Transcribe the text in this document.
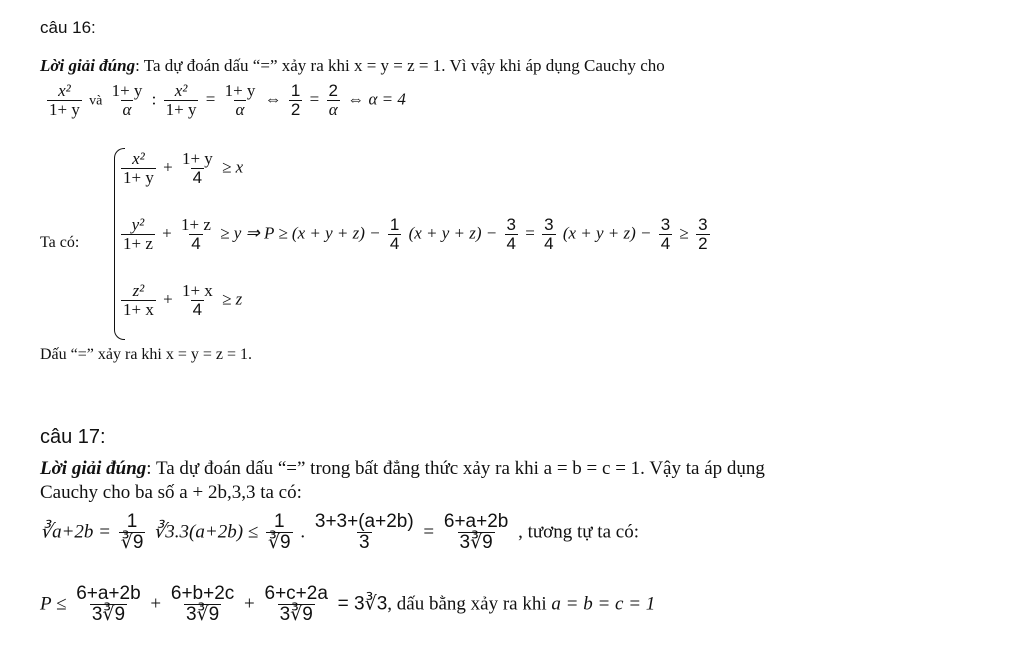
câu 16:
Lời giải đúng: Ta dự đoán dấu “=” xảy ra khi x = y = z = 1. Vì vậy khi áp dụng Cauchy cho
$\frac{\text{x²}}{1+ y}$ và $\frac{1+ y}{\alpha}$ : $\frac{\text{x²}}{1+ y} = \frac{1+ y}{\alpha}$ ⇔ $\frac{1}{2} = \frac{2}{\alpha}$ ⇔ α = 4
Ta có:
$\frac{\text{x²}}{1+ y} + \frac{1+ y}{4} \ge x$
$\frac{\text{y²}}{1+ z} + \frac{1+ z}{4} \ge y$ ⇒ $P \ge (x + y + z) - \frac{1}{4} (x + y + z) - \frac{3}{4} = \frac{3}{4} (x + y + z) - \frac{3}{4} \ge \frac{3}{2}$
$\frac{\text{z²}}{1+ x} + \frac{1+ x}{4} \ge z$
Dấu “=” xảy ra khi x = y = z = 1.
câu 17:
Lời giải đúng: Ta dự đoán dấu “=” trong bất đẳng thức xảy ra khi a = b = c = 1. Vậy ta áp dụng
Cauchy cho ba số a + 2b,3,3 ta có:
∛a+2b = $\frac{1}{∛9}$ ∛3.3(a+2b) ≤ $\frac{1}{∛9}$ . $\frac{3+3+(a+2b)}{3} = \frac{6+a+2b}{3∛9}$ , tương tự ta có:
$P \le \frac{6+a+2b}{3∛9} + \frac{6+b+2c}{3∛9} + \frac{6+c+2a}{3∛9}$ = 3∛3, dấu bằng xảy ra khi a = b = c = 1
